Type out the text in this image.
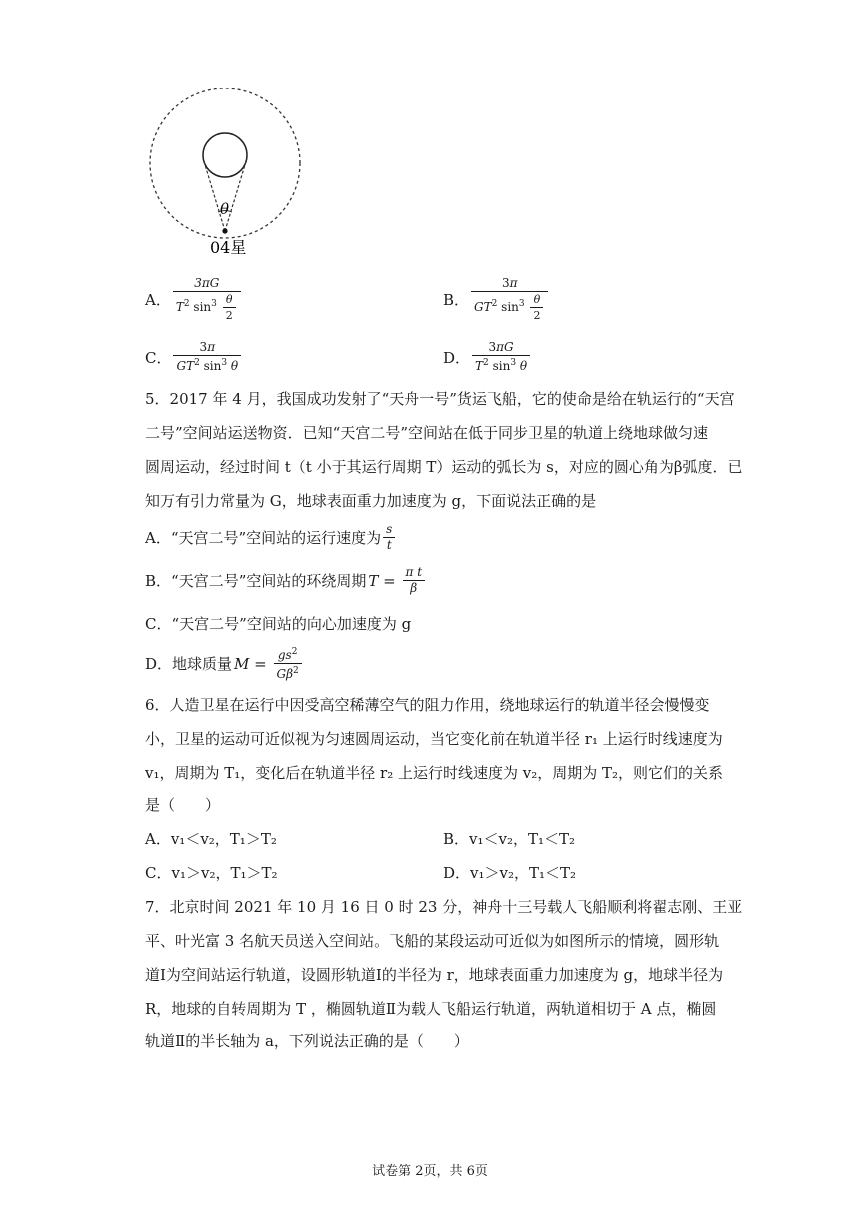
θ
04星
A． $\frac{3\pi G}{T^2 \sin^3 \frac{\theta}{2}}$	B． $\frac{3\pi}{GT^2 \sin^3 \frac{\theta}{2}}$
C． $\frac{3\pi}{GT^2 \sin^3 \theta}$	D． $\frac{3\pi G}{T^2 \sin^3 \theta}$
5．2017 年 4 月，我国成功发射了“天舟一号”货运飞船，它的使命是给在轨运行的“天宫
二号”空间站运送物资．已知“天宫二号”空间站在低于同步卫星的轨道上绕地球做匀速
圆周运动，经过时间 t（t 小于其运行周期 T）运动的弧长为 s，对应的圆心角为β弧度．已
知万有引力常量为 G，地球表面重力加速度为 g，下面说法正确的是
A．“天宫二号”空间站的运行速度为 $\frac{s}{t}$
B．“天宫二号”空间站的环绕周期 $T = \frac{\text{π t}}{\beta}$
C．“天宫二号”空间站的向心加速度为 g
D．地球质量 $M = \frac{gs^2}{G\beta^2}$
6．人造卫星在运行中因受高空稀薄空气的阻力作用，绕地球运行的轨道半径会慢慢变
小，卫星的运动可近似视为匀速圆周运动，当它变化前在轨道半径 r₁ 上运行时线速度为
v₁，周期为 T₁，变化后在轨道半径 r₂ 上运行时线速度为 v₂，周期为 T₂，则它们的关系
是（　　）
A．v₁＜v₂，T₁＞T₂	B．v₁＜v₂，T₁＜T₂
C．v₁＞v₂，T₁＞T₂	D．v₁＞v₂，T₁＜T₂
7．北京时间 2021 年 10 月 16 日 0 时 23 分，神舟十三号载人飞船顺利将翟志刚、王亚
平、叶光富 3 名航天员送入空间站。飞船的某段运动可近似为如图所示的情境，圆形轨
道Ⅰ为空间站运行轨道，设圆形轨道Ⅰ的半径为 r，地球表面重力加速度为 g，地球半径为
R，地球的自转周期为 T ，椭圆轨道Ⅱ为载人飞船运行轨道，两轨道相切于 A 点，椭圆
轨道Ⅱ的半长轴为 a，下列说法正确的是（　　）
试卷第 2页，共 6页
